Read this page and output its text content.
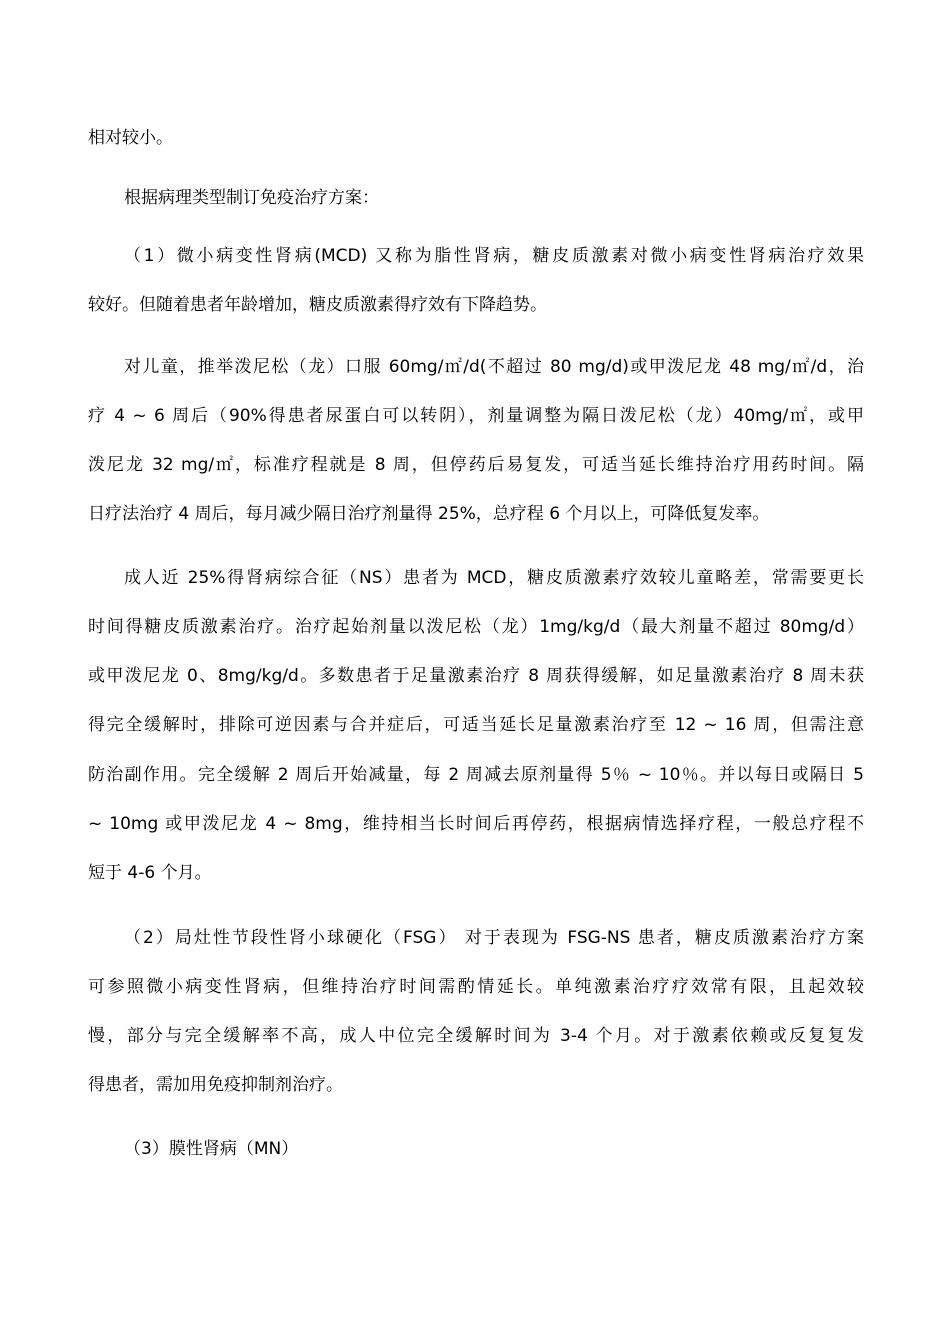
相对较小。
根据病理类型制订免疫治疗方案：
（1）微小病变性肾病(MCD) 又称为脂性肾病，糖皮质激素对微小病变性肾病治疗效果
较好。但随着患者年龄增加，糖皮质激素得疗效有下降趋势。
对儿童，推举泼尼松（龙）口服 60mg/㎡/d(不超过 80 mg/d)或甲泼尼龙 48 mg/㎡/d，治
疗 4 ~ 6 周后（90%得患者尿蛋白可以转阴），剂量调整为隔日泼尼松（龙）40mg/㎡，或甲
泼尼龙 32 mg/㎡，标准疗程就是 8 周，但停药后易复发，可适当延长维持治疗用药时间。隔
日疗法治疗 4 周后，每月减少隔日治疗剂量得 25%，总疗程 6 个月以上，可降低复发率。
成人近 25%得肾病综合征（NS）患者为 MCD，糖皮质激素疗效较儿童略差，常需要更长
时间得糖皮质激素治疗。治疗起始剂量以泼尼松（龙）1mg/kg/d（最大剂量不超过 80mg/d）
或甲泼尼龙 0、8mg/kg/d。多数患者于足量激素治疗 8 周获得缓解，如足量激素治疗 8 周未获
得完全缓解时，排除可逆因素与合并症后，可适当延长足量激素治疗至 12 ~ 16 周，但需注意
防治副作用。完全缓解 2 周后开始减量，每 2 周减去原剂量得 5％ ~ 10％。并以每日或隔日 5
~ 10mg 或甲泼尼龙 4 ~ 8mg，维持相当长时间后再停药，根据病情选择疗程，一般总疗程不
短于 4-6 个月。
（2）局灶性节段性肾小球硬化（FSG） 对于表现为 FSG-NS 患者，糖皮质激素治疗方案
可参照微小病变性肾病，但维持治疗时间需酌情延长。单纯激素治疗疗效常有限，且起效较
慢，部分与完全缓解率不高，成人中位完全缓解时间为 3-4 个月。对于激素依赖或反复复发
得患者，需加用免疫抑制剂治疗。
（3）膜性肾病（MN）
